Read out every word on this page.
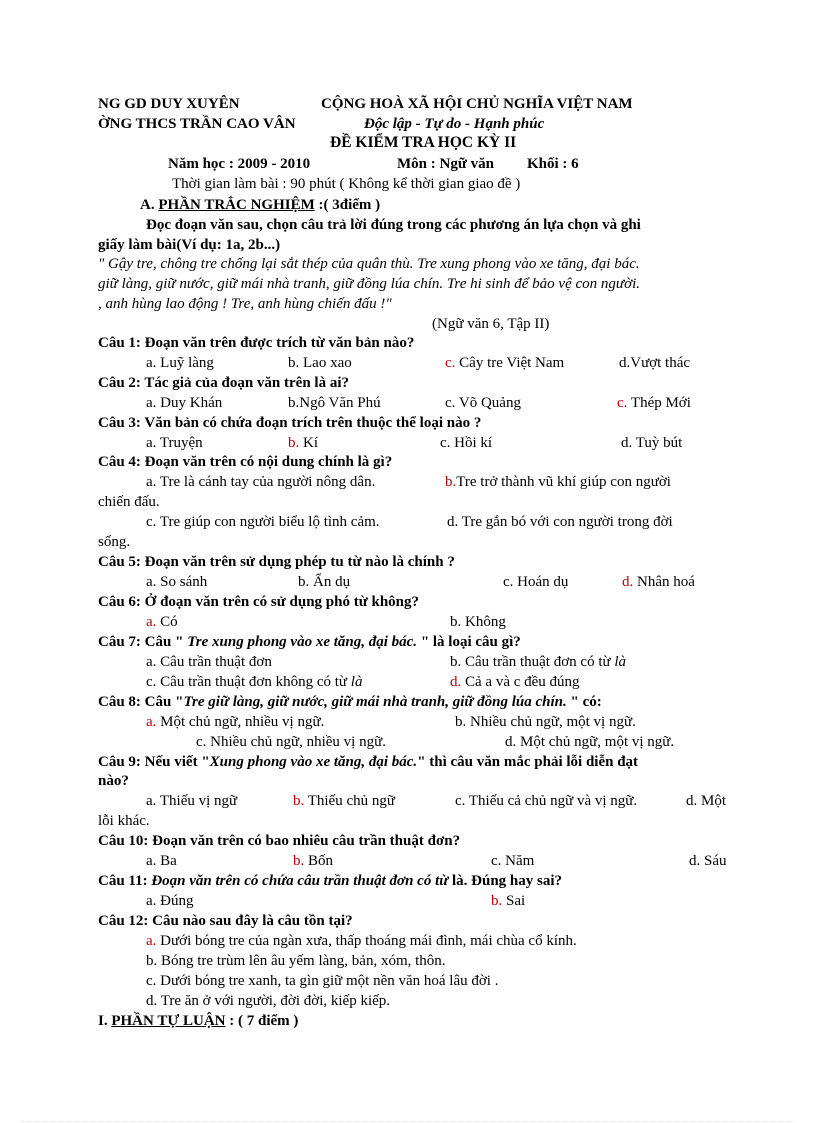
NG GD DUY XUYÊN
ỜNG THCS TRẦN CAO VÂN
CỘNG HOÀ XÃ HỘI CHỦ NGHĨA VIỆT NAM
Độc lập - Tự do - Hạnh phúc
ĐỀ KIỂM TRA HỌC KỲ II
Năm học : 2009 - 2010	Môn : Ngữ văn Khối : 6
Thời gian làm bài : 90 phút ( Không kể thời gian giao đề )
A. PHẦN TRẮC NGHIỆM :( 3điểm )
Đọc đoạn văn sau, chọn câu trả lời đúng trong các phương án lựa chọn và ghi
giấy làm bài(Ví dụ: 1a, 2b...)
" Gậy tre, chông tre chống lại sắt thép của quân thù. Tre xung phong vào xe tăng, đại bác.
giữ làng, giữ nước, giữ mái nhà tranh, giữ đồng lúa chín. Tre hi sinh để bảo vệ con người.
, anh hùng lao động ! Tre, anh hùng chiến đấu !"
(Ngữ văn 6, Tập II)
Câu 1: Đoạn văn trên được trích từ văn bản nào?
a. Luỹ làng	b. Lao xao	c. Cây tre Việt Nam	d.Vượt thác
Câu 2: Tác giả của đoạn văn trên là ai?
a. Duy Khán	b.Ngô Văn Phú	c. Võ Quảng	c. Thép Mới
Câu 3: Văn bản có chứa đoạn trích trên thuộc thể loại nào ?
a. Truyện	b. Kí	c. Hồi kí	d. Tuỳ bút
Câu 4: Đoạn văn trên có nội dung chính là gì?
a. Tre là cánh tay của người nông dân.	b.Tre trở thành vũ khí giúp con người
chiến đấu.
c. Tre giúp con người biểu lộ tình cảm.	d. Tre gắn bó với con người trong đời
sống.
Câu 5: Đoạn văn trên sử dụng phép tu từ nào là chính ?
a. So sánh	b. Ẩn dụ	c. Hoán dụ	d. Nhân hoá
Câu 6: Ở đoạn văn trên có sử dụng phó từ không?
a. Có	b. Không
Câu 7: Câu " Tre xung phong vào xe tăng, đại bác. " là loại câu gì?
a. Câu trần thuật đơn	b. Câu trần thuật đơn có từ là
c. Câu trần thuật đơn không có từ là	d. Cả a và c đều đúng
Câu 8: Câu "Tre giữ làng, giữ nước, giữ mái nhà tranh, giữ đồng lúa chín. " có:
a. Một chủ ngữ, nhiều vị ngữ.	b. Nhiều chủ ngữ, một vị ngữ.
c. Nhiều chủ ngữ, nhiều vị ngữ.	d. Một chủ ngữ, một vị ngữ.
Câu 9: Nếu viết "Xung phong vào xe tăng, đại bác." thì câu văn mắc phải lỗi diễn đạt
nào?
a. Thiếu vị ngữ	b. Thiếu chủ ngữ	c. Thiếu cả chủ ngữ và vị ngữ.	d. Một
lỗi khác.
Câu 10: Đoạn văn trên có bao nhiêu câu trần thuật đơn?
a. Ba	b. Bốn	c. Năm	d. Sáu
Câu 11: Đoạn văn trên có chứa câu trần thuật đơn có từ là. Đúng hay sai?
a. Đúng	b. Sai
Câu 12: Câu nào sau đây là câu tồn tại?
a. Dưới bóng tre của ngàn xưa, thấp thoáng mái đình, mái chùa cổ kính.
b. Bóng tre trùm lên âu yếm làng, bản, xóm, thôn.
c. Dưới bóng tre xanh, ta gìn giữ một nền văn hoá lâu đời .
d. Tre ăn ở với người, đời đời, kiếp kiếp.
I. PHẦN TỰ LUẬN : ( 7 điểm )
